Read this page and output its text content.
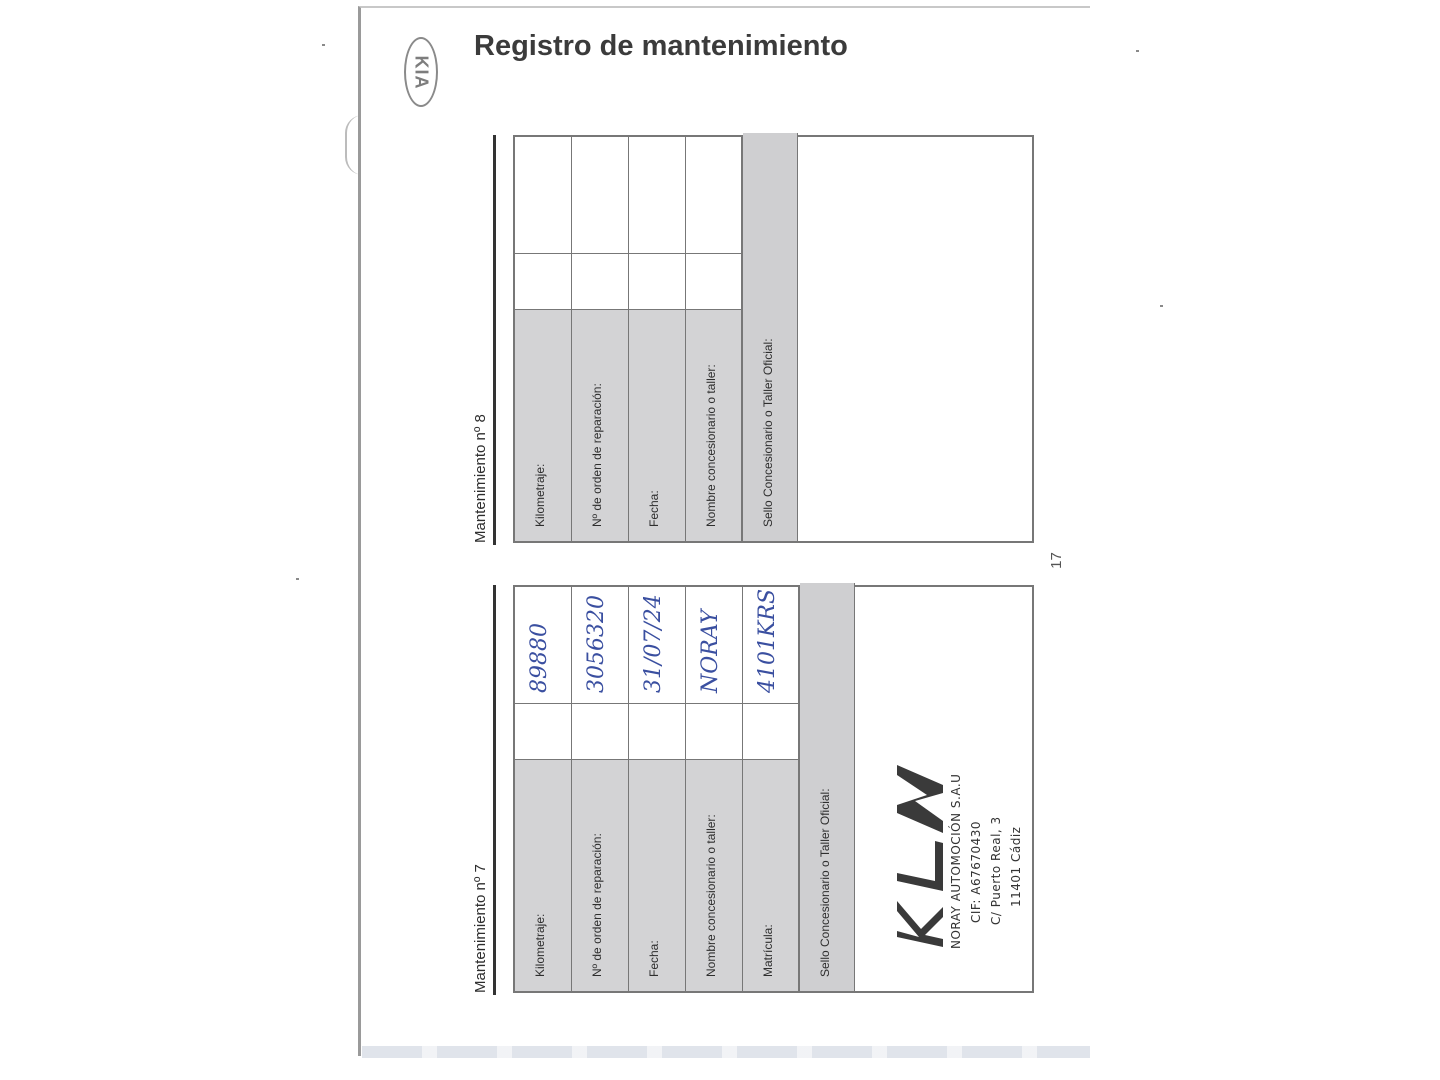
KIA
Registro de mantenimiento
17
Mantenimiento nº 7	Kilometraje:
89880
Nº de orden de reparación:
3056320
Fecha:
31/07/24
Nombre concesionario o taller:
NORAY
Matrícula:
4101KRS
Sello Concesionario o Taller Oficial:	NORAY AUTOMOCIÓN S.A.U CIF: A67670430 C/ Puerto Real, 3 11401 Cádiz
Mantenimiento nº 8	Kilometraje:	Nº de orden de reparación:	Fecha:	Nombre concesionario o taller:	Sello Concesionario o Taller Oficial:
